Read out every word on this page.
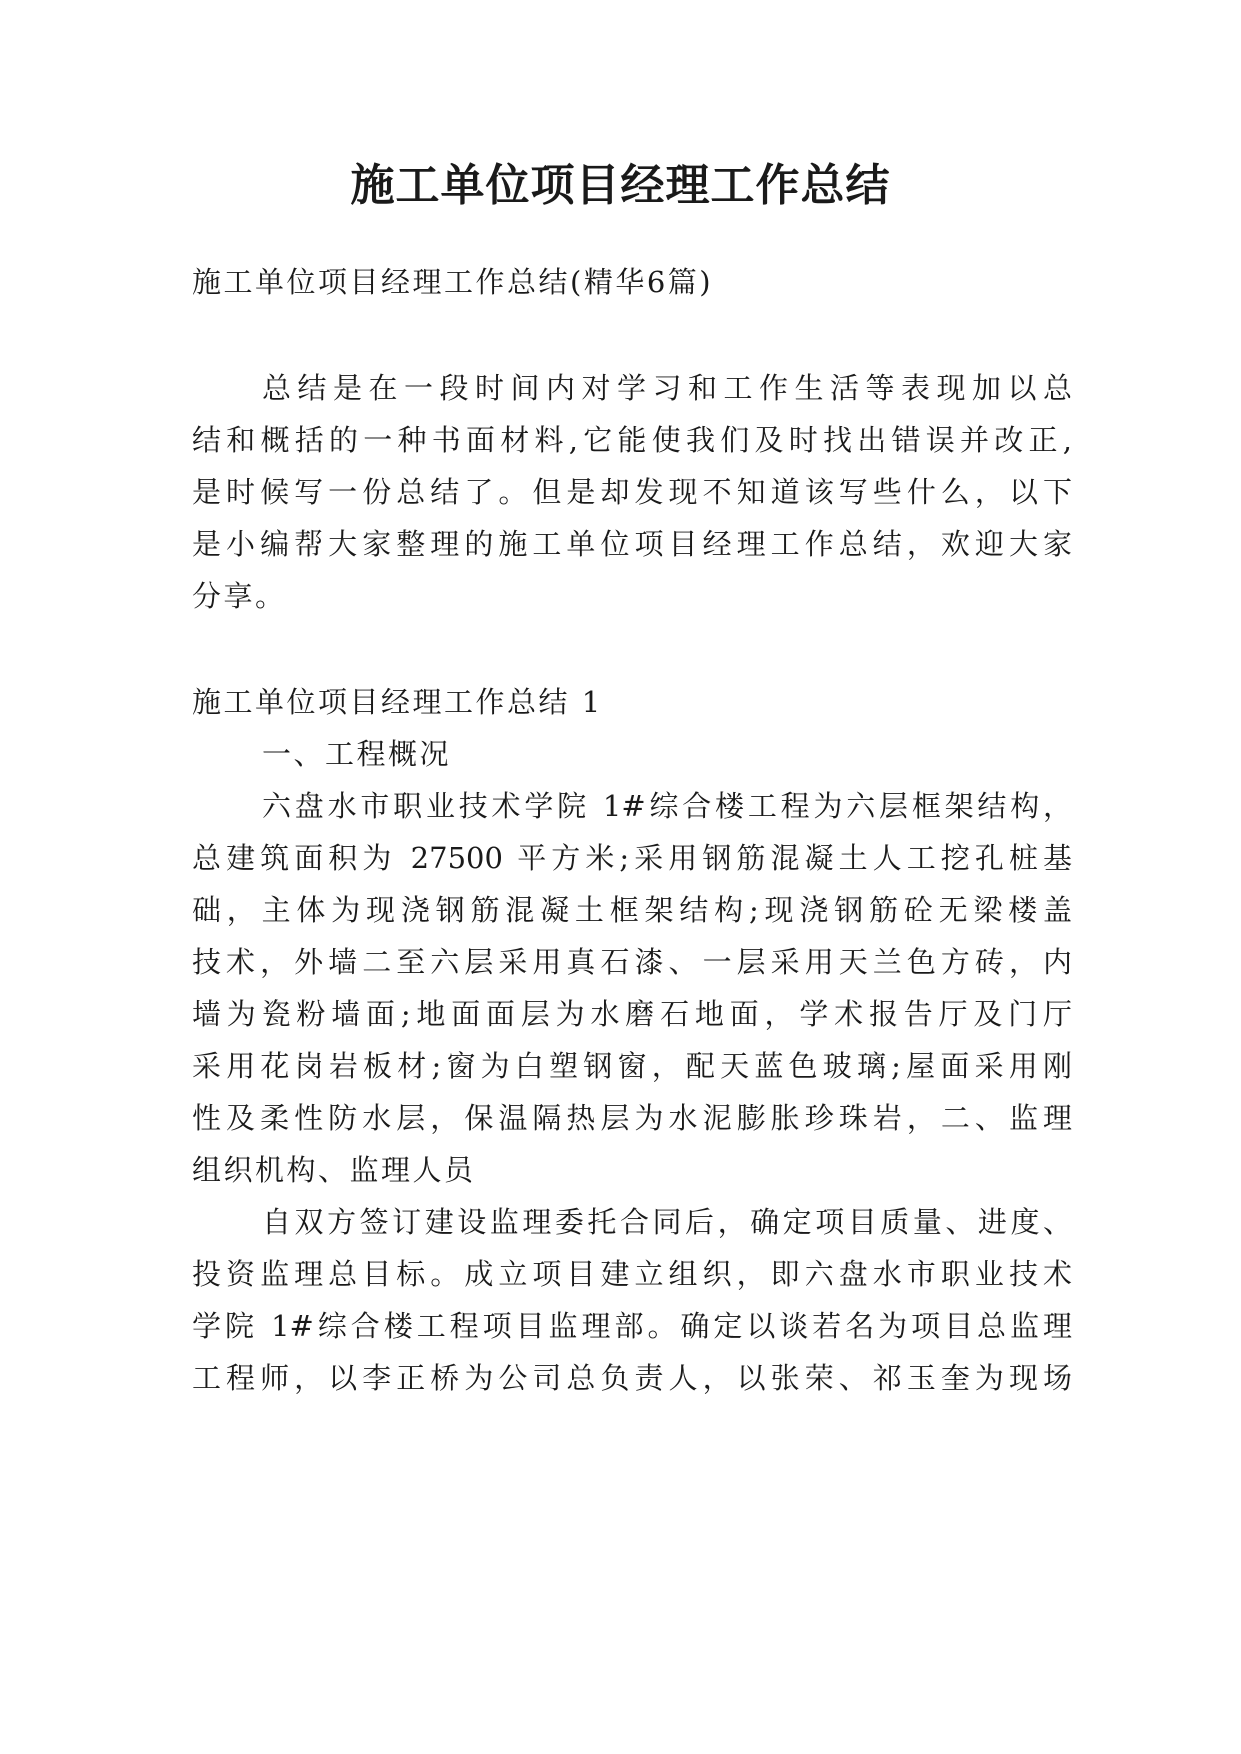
施工单位项目经理工作总结

施工单位项目经理工作总结(精华6篇)

总结是在一段时间内对学习和工作生活等表现加以总

结和概括的一种书面材料,它能使我们及时找出错误并改正,

是时候写一份总结了。但是却发现不知道该写些什么，以下

是小编帮大家整理的施工单位项目经理工作总结，欢迎大家

分享。

施工单位项目经理工作总结 1

一、工程概况

六盘水市职业技术学院 1#综合楼工程为六层框架结构，

总建筑面积为 27500 平方米;采用钢筋混凝土人工挖孔桩基

础，主体为现浇钢筋混凝土框架结构;现浇钢筋砼无梁楼盖

技术，外墙二至六层采用真石漆、一层采用天兰色方砖，内

墙为瓷粉墙面;地面面层为水磨石地面，学术报告厅及门厅

采用花岗岩板材;窗为白塑钢窗，配天蓝色玻璃;屋面采用刚

性及柔性防水层，保温隔热层为水泥膨胀珍珠岩，二、监理

组织机构、监理人员

自双方签订建设监理委托合同后，确定项目质量、进度、

投资监理总目标。成立项目建立组织，即六盘水市职业技术

学院 1#综合楼工程项目监理部。确定以谈若名为项目总监理

工程师，以李正桥为公司总负责人，以张荣、祁玉奎为现场
